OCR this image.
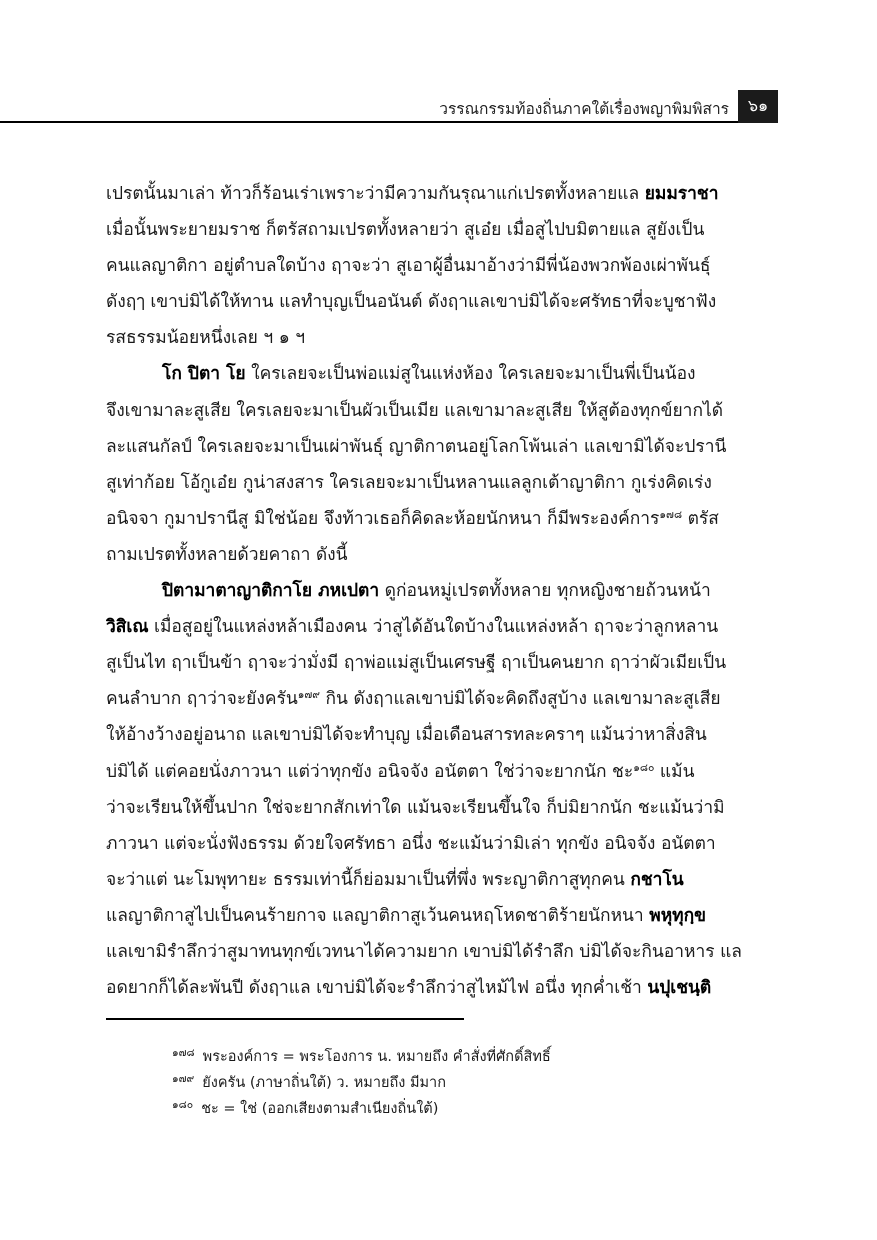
วรรณกรรมท้องถิ่นภาคใต้เรื่องพญาพิมพิสาร	๖๑
เปรตนั้นมาเล่า ท้าวก็ร้อนเร่าเพราะว่ามีความกันรุณาแก่เปรตทั้งหลายแล ยมมราชา
เมื่อนั้นพระยายมราช ก็ตรัสถามเปรตทั้งหลายว่า สูเอ๋ย เมื่อสูไปบมิตายแล สูยังเป็น
คนแลญาติกา อยู่ตำบลใดบ้าง ฤาจะว่า สูเอาผู้อื่นมาอ้างว่ามีพี่น้องพวกพ้องเผ่าพันธุ์
ดังฤๅ เขาบ่มิได้ให้ทาน แลทำบุญเป็นอนันต์ ดังฤาแลเขาบ่มิได้จะศรัทธาที่จะบูชาฟัง
รสธรรมน้อยหนึ่งเลย ฯ ๑ ฯ
โก ปิตา โย ใครเลยจะเป็นพ่อแม่สูในแห่งห้อง ใครเลยจะมาเป็นพี่เป็นน้อง
จึงเขามาละสูเสีย ใครเลยจะมาเป็นผัวเป็นเมีย แลเขามาละสูเสีย ให้สูต้องทุกข์ยากได้
ละแสนกัลป์ ใครเลยจะมาเป็นเผ่าพันธุ์ ญาติกาตนอยู่โลกโพ้นเล่า แลเขามิได้จะปรานี
สูเท่าก้อย โอ้กูเอ๋ย กูน่าสงสาร ใครเลยจะมาเป็นหลานแลลูกเต้าญาติกา กูเร่งคิดเร่ง
อนิจจา กูมาปรานีสู มิใช่น้อย จึงท้าวเธอก็คิดละห้อยนักหนา ก็มีพระองค์การ$^{๑๗๘}$ ตรัส
ถามเปรตทั้งหลายด้วยคาถา ดังนี้
ปิตามาตาญาติกาโย ภหเปตา ดูก่อนหมู่เปรตทั้งหลาย ทุกหญิงชายถ้วนหน้า
วิสิเณ เมื่อสูอยู่ในแหล่งหล้าเมืองคน ว่าสูได้อันใดบ้างในแหล่งหล้า ฤาจะว่าลูกหลาน
สูเป็นไท ฤาเป็นข้า ฤาจะว่ามั่งมี ฤาพ่อแม่สูเป็นเศรษฐี ฤาเป็นคนยาก ฤาว่าผัวเมียเป็น
คนลำบาก ฤาว่าจะยังครัน$^{๑๗๙}$ กิน ดังฤาแลเขาบ่มิได้จะคิดถึงสูบ้าง แลเขามาละสูเสีย
ให้อ้างว้างอยู่อนาถ แลเขาบ่มิได้จะทำบุญ เมื่อเดือนสารทละคราๆ แม้นว่าหาสิ่งสิน
บ่มิได้ แต่คอยนั่งภาวนา แต่ว่าทุกขัง อนิจจัง อนัตตา ใช่ว่าจะยากนัก ชะ$^{๑๘๐}$ แม้น
ว่าจะเรียนให้ขึ้นปาก ใช่จะยากสักเท่าใด แม้นจะเรียนขึ้นใจ ก็บ่มิยากนัก ชะแม้นว่ามิ
ภาวนา แต่จะนั่งฟังธรรม ด้วยใจศรัทธา อนึ่ง ชะแม้นว่ามิเล่า ทุกขัง อนิจจัง อนัตตา
จะว่าแต่ นะโมพุทายะ ธรรมเท่านี้ก็ย่อมมาเป็นที่พึ่ง พระญาติกาสูทุกคน กชาโน
แลญาติกาสูไปเป็นคนร้ายกาจ แลญาติกาสูเว้นคนหฤโหดชาติร้ายนักหนา พหุทุกฺข
แลเขามิรำลึกว่าสูมาทนทุกข์เวทนาได้ความยาก เขาบ่มิได้รำลึก บ่มิได้จะกินอาหาร แล
อดยากก็ได้ละพันปี ดังฤาแล เขาบ่มิได้จะรำลึกว่าสูไหม้ไฟ อนึ่ง ทุกค่ำเช้า นปุเชนฺติ
$^{๑๗๘}$ พระองค์การ = พระโองการ น. หมายถึง คำสั่งที่ศักดิ์สิทธิ์
$^{๑๗๙}$ ยังครัน (ภาษาถิ่นใต้) ว. หมายถึง มีมาก
$^{๑๘๐}$ ชะ = ใช่ (ออกเสียงตามสำเนียงถิ่นใต้)
